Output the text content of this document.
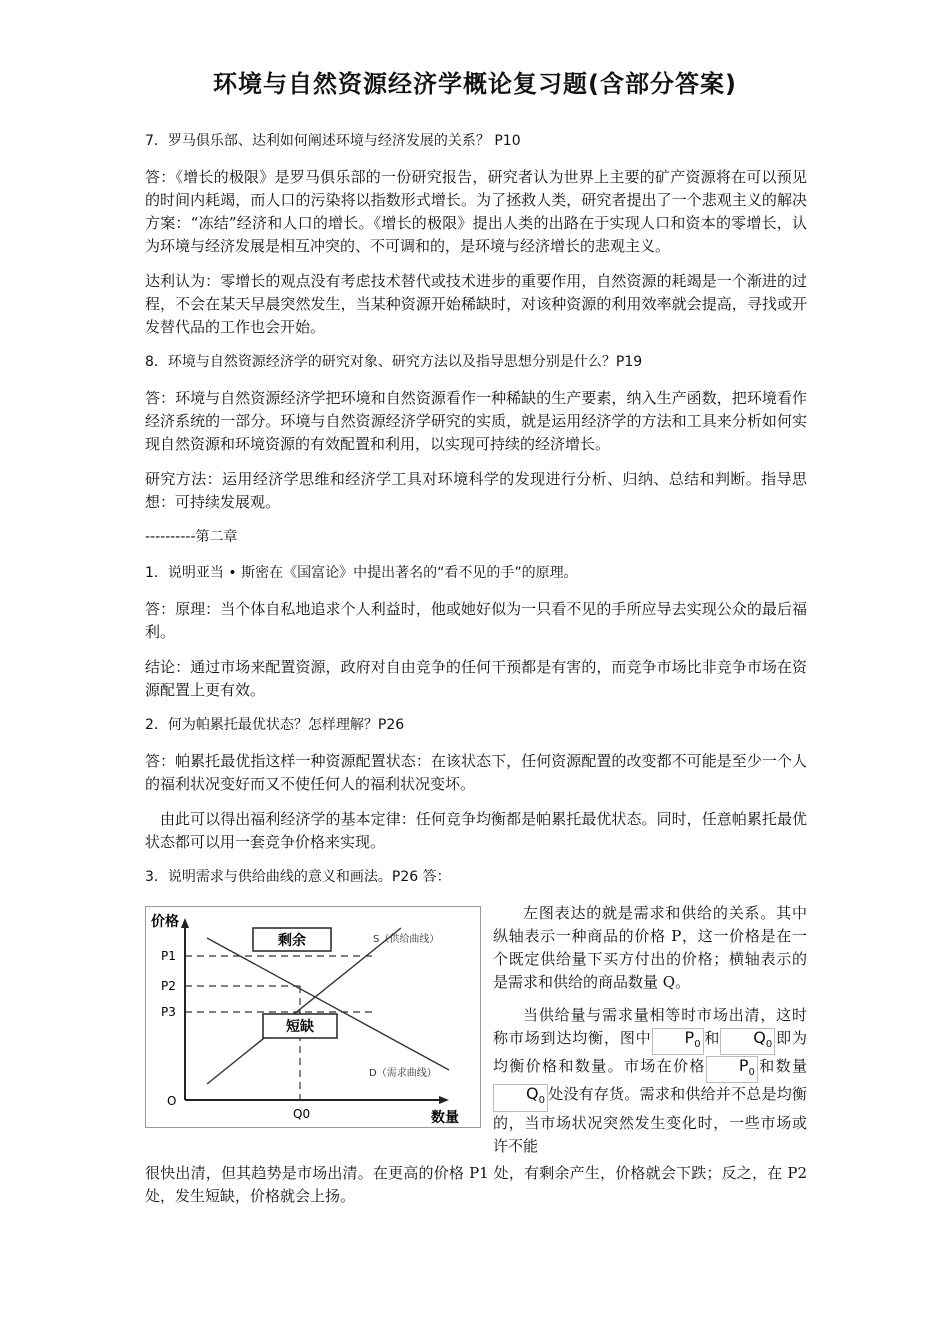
环境与自然资源经济学概论复习题(含部分答案)

7．罗马俱乐部、达利如何阐述环境与经济发展的关系？ P10

答：《增长的极限》是罗马俱乐部的一份研究报告，研究者认为世界上主要的矿产资源将在可以预见的时间内耗竭，而人口的污染将以指数形式增长。为了拯救人类，研究者提出了一个悲观主义的解决方案：“冻结”经济和人口的增长。《增长的极限》提出人类的出路在于实现人口和资本的零增长，认为环境与经济发展是相互冲突的、不可调和的，是环境与经济增长的悲观主义。

达利认为：零增长的观点没有考虑技术替代或技术进步的重要作用，自然资源的耗竭是一个渐进的过程，不会在某天早晨突然发生，当某种资源开始稀缺时，对该种资源的利用效率就会提高，寻找或开发替代品的工作也会开始。

8．环境与自然资源经济学的研究对象、研究方法以及指导思想分别是什么？P19

答：环境与自然资源经济学把环境和自然资源看作一种稀缺的生产要素，纳入生产函数，把环境看作经济系统的一部分。环境与自然资源经济学研究的实质，就是运用经济学的方法和工具来分析如何实现自然资源和环境资源的有效配置和利用，以实现可持续的经济增长。

研究方法：运用经济学思维和经济学工具对环境科学的发现进行分析、归纳、总结和判断。指导思想：可持续发展观。

----------第二章

1．说明亚当 • 斯密在《国富论》中提出著名的“看不见的手”的原理。

答：原理：当个体自私地追求个人利益时，他或她好似为一只看不见的手所应导去实现公众的最后福利。

结论：通过市场来配置资源，政府对自由竞争的任何干预都是有害的，而竞争市场比非竞争市场在资源配置上更有效。

2．何为帕累托最优状态？怎样理解？P26

答：帕累托最优指这样一种资源配置状态：在该状态下，任何资源配置的改变都不可能是至少一个人的福利状况变好而又不使任何人的福利状况变坏。

由此可以得出福利经济学的基本定律：任何竞争均衡都是帕累托最优状态。同时，任意帕累托最优状态都可以用一套竞争价格来实现。

3．说明需求与供给曲线的意义和画法。P26 答：

剩余
短缺
价格
数量
O
P1
P2
P3
Q0
S（供给曲线）
D（需求曲线）

左图表达的就是需求和供给的关系。其中纵轴表示一种商品的价格 P，这一价格是在一个既定供给量下买方付出的价格；横轴表示的是需求和供给的商品数量 Q。

当供给量与需求量相等时市场出清，这时称市场到达均衡，图中 $P_0$ 和 $Q_0$ 即为均衡价格和数量。市场在价格 $P_0$ 和数量$Q_0$ 处没有存货。需求和供给并不总是均衡的，当市场状况突然发生变化时，一些市场或许不能

很快出清，但其趋势是市场出清。在更高的价格 P1 处，有剩余产生，价格就会下跌；反之，在 P2 处，发生短缺，价格就会上扬。
